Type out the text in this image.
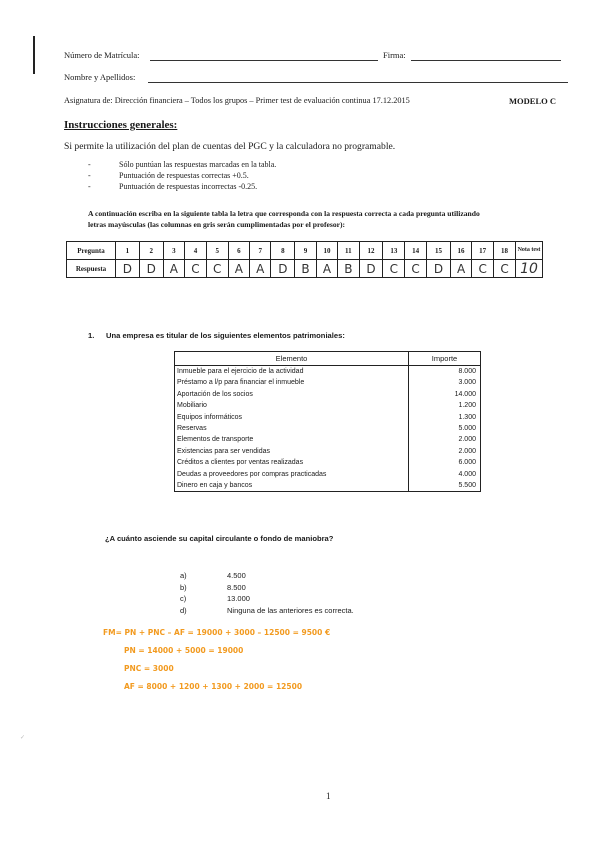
Número de Matrícula:	Firma:
Nombre y Apellidos:
Asignatura de: Dirección financiera – Todos los grupos – Primer test de evaluación continua 17.12.2015	MODELO C
Instrucciones generales:
Si permite la utilización del plan de cuentas del PGC y la calculadora no programable.
-	Sólo puntúan las respuestas marcadas en la tabla.
-	Puntuación de respuestas correctas +0.5.
-	Puntuación de respuestas incorrectas -0.25.
A continuación escriba en la siguiente tabla la letra que corresponda con la respuesta correcta a cada pregunta utilizando
letras mayúsculas (las columnas en gris serán cumplimentadas por el profesor):
Pregunta	1	2	3	4	5	6	7	8	9	10	11	12	13	14	15	16	17	18	Nota test
Respuesta	D	D	A	C	C	A	A	D	B	A	B	D	C	C	D	A	C	C	10
1. Una empresa es titular de los siguientes elementos patrimoniales:
Elemento	Importe
Inmueble para el ejercicio de la actividad	8.000
Préstamo a l/p para financiar el inmueble	3.000
Aportación de los socios	14.000
Mobiliario	1.200
Equipos informáticos	1.300
Reservas	5.000
Elementos de transporte	2.000
Existencias para ser vendidas	2.000
Créditos a clientes por ventas realizadas	6.000
Deudas a proveedores por compras practicadas	4.000
Dinero en caja y bancos	5.500
¿A cuánto asciende su capital circulante o fondo de maniobra?
a)	4.500
b)	8.500
c)	13.000
d)	Ninguna de las anteriores es correcta.
FM= PN + PNC – AF = 19000 + 3000 – 12500 = 9500 €
PN = 14000 + 5000 = 19000
PNC = 3000
AF = 8000 + 1200 + 1300 + 2000 = 12500
✓
1
